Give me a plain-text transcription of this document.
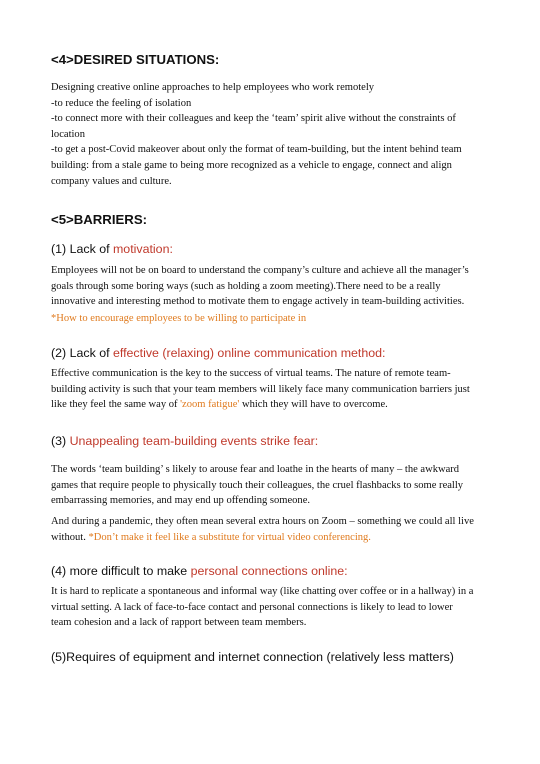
<4>DESIRED SITUATIONS:
Designing creative online approaches to help employees who work remotely
-to reduce the feeling of isolation
-to connect more with their colleagues and keep the ‘team’ spirit alive without the constraints of
location
-to get a post-Covid makeover about only the format of team-building, but the intent behind team
building: from a stale game to being more recognized as a vehicle to engage, connect and align
company values and culture.
<5>BARRIERS:
(1) Lack of motivation:
Employees will not be on board to understand the company’s culture and achieve all the manager’s
goals through some boring ways (such as holding a zoom meeting).There need to be a really
innovative and interesting method to motivate them to engage actively in team-building activities.
*How to encourage employees to be willing to participate in
(2) Lack of effective (relaxing) online communication method:
Effective communication is the key to the success of virtual teams. The nature of remote team-
building activity is such that your team members will likely face many communication barriers just
like they feel the same way of 'zoom fatigue' which they will have to overcome.
(3) Unappealing team-building events strike fear:
The words ‘team building’ s likely to arouse fear and loathe in the hearts of many – the awkward
games that require people to physically touch their colleagues, the cruel flashbacks to some really
embarrassing memories, and may end up offending someone.
And during a pandemic, they often mean several extra hours on Zoom – something we could all live
without. *Don’t make it feel like a substitute for virtual video conferencing.
(4) more difficult to make personal connections online:
It is hard to replicate a spontaneous and informal way (like chatting over coffee or in a hallway) in a
virtual setting. A lack of face-to-face contact and personal connections is likely to lead to lower
team cohesion and a lack of rapport between team members.
(5)Requires of equipment and internet connection (relatively less matters)
